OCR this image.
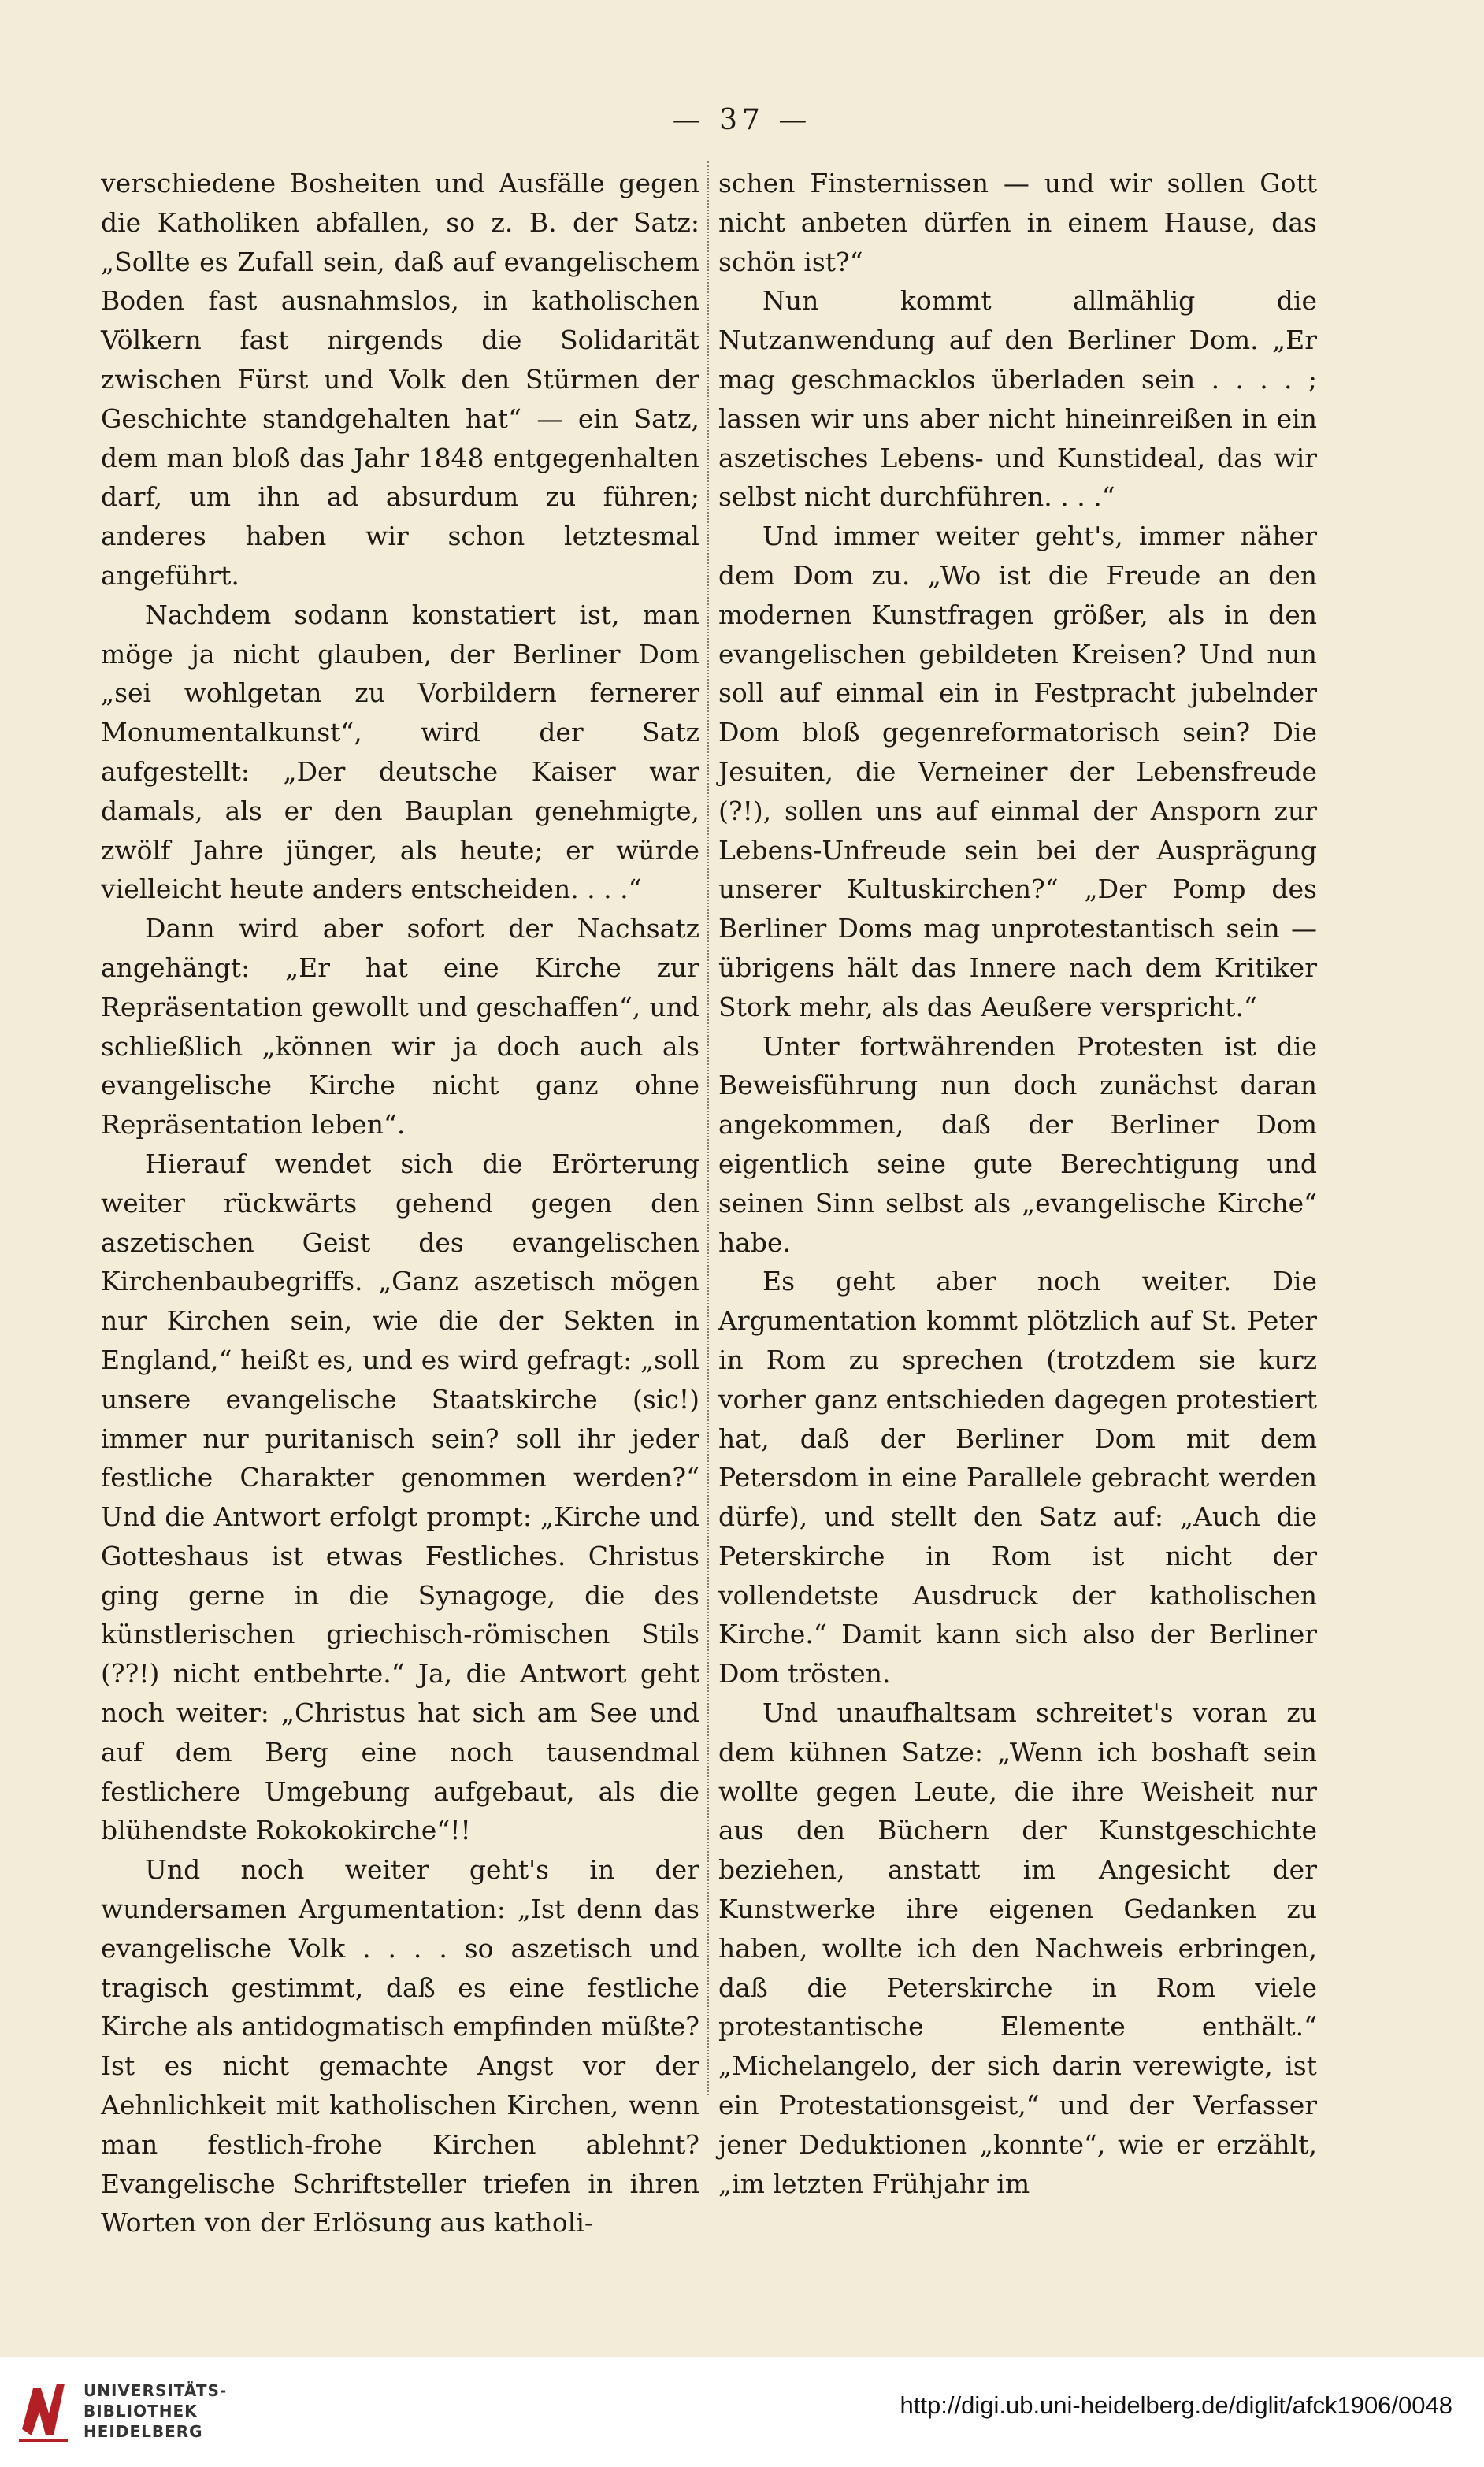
— 37 —

verschiedene Bosheiten und Ausfälle gegen die Katholiken abfallen, so z. B. der Satz: „Sollte es Zufall sein, daß auf evangelischem Boden fast ausnahmslos, in katholischen Völkern fast nirgends die Solidarität zwischen Fürst und Volk den Stürmen der Geschichte standgehalten hat“ — ein Satz, dem man bloß das Jahr 1848 entgegenhalten darf, um ihn ad absurdum zu führen; anderes haben wir schon letztesmal angeführt.

Nachdem sodann konstatiert ist, man möge ja nicht glauben, der Berliner Dom „sei wohlgetan zu Vorbildern fernerer Monumentalkunst“, wird der Satz aufgestellt: „Der deutsche Kaiser war damals, als er den Bauplan genehmigte, zwölf Jahre jünger, als heute; er würde vielleicht heute anders entscheiden. . . .“

Dann wird aber sofort der Nachsatz angehängt: „Er hat eine Kirche zur Repräsentation gewollt und geschaffen“, und schließlich „können wir ja doch auch als evangelische Kirche nicht ganz ohne Repräsentation leben“.

Hierauf wendet sich die Erörterung weiter rückwärts gehend gegen den aszetischen Geist des evangelischen Kirchenbaubegriffs. „Ganz aszetisch mögen nur Kirchen sein, wie die der Sekten in England,“ heißt es, und es wird gefragt: „soll unsere evangelische Staatskirche (sic!) immer nur puritanisch sein? soll ihr jeder festliche Charakter genommen werden?“ Und die Antwort erfolgt prompt: „Kirche und Gotteshaus ist etwas Festliches. Christus ging gerne in die Synagoge, die des künstlerischen griechisch-römischen Stils (??!) nicht entbehrte.“ Ja, die Antwort geht noch weiter: „Christus hat sich am See und auf dem Berg eine noch tausendmal festlichere Umgebung aufgebaut, als die blühendste Rokokokirche“!!

Und noch weiter geht's in der wundersamen Argumentation: „Ist denn das evangelische Volk . . . . so aszetisch und tragisch gestimmt, daß es eine festliche Kirche als antidogmatisch empfinden müßte? Ist es nicht gemachte Angst vor der Aehnlichkeit mit katholischen Kirchen, wenn man festlich-frohe Kirchen ablehnt? Evangelische Schriftsteller triefen in ihren Worten von der Erlösung aus katholi-

schen Finsternissen — und wir sollen Gott nicht anbeten dürfen in einem Hause, das schön ist?“

Nun kommt allmählig die Nutzanwendung auf den Berliner Dom. „Er mag geschmacklos überladen sein . . . . ; lassen wir uns aber nicht hineinreißen in ein aszetisches Lebens- und Kunstideal, das wir selbst nicht durchführen. . . .“

Und immer weiter geht's, immer näher dem Dom zu. „Wo ist die Freude an den modernen Kunstfragen größer, als in den evangelischen gebildeten Kreisen? Und nun soll auf einmal ein in Festpracht jubelnder Dom bloß gegenreformatorisch sein? Die Jesuiten, die Verneiner der Lebensfreude (?!), sollen uns auf einmal der Ansporn zur Lebens-Unfreude sein bei der Ausprägung unserer Kultuskirchen?“ „Der Pomp des Berliner Doms mag unprotestantisch sein — übrigens hält das Innere nach dem Kritiker Stork mehr, als das Aeußere verspricht.“

Unter fortwährenden Protesten ist die Beweisführung nun doch zunächst daran angekommen, daß der Berliner Dom eigentlich seine gute Berechtigung und seinen Sinn selbst als „evangelische Kirche“ habe.

Es geht aber noch weiter. Die Argumentation kommt plötzlich auf St. Peter in Rom zu sprechen (trotzdem sie kurz vorher ganz entschieden dagegen protestiert hat, daß der Berliner Dom mit dem Petersdom in eine Parallele gebracht werden dürfe), und stellt den Satz auf: „Auch die Peterskirche in Rom ist nicht der vollendetste Ausdruck der katholischen Kirche.“ Damit kann sich also der Berliner Dom trösten.

Und unaufhaltsam schreitet's voran zu dem kühnen Satze: „Wenn ich boshaft sein wollte gegen Leute, die ihre Weisheit nur aus den Büchern der Kunstgeschichte beziehen, anstatt im Angesicht der Kunstwerke ihre eigenen Gedanken zu haben, wollte ich den Nachweis erbringen, daß die Peterskirche in Rom viele protestantische Elemente enthält.“ „Michelangelo, der sich darin verewigte, ist ein Protestationsgeist,“ und der Verfasser jener Deduktionen „konnte“, wie er erzählt, „im letzten Frühjahr im

UNIVERSITÄTS-
BIBLIOTHEK
HEIDELBERG
http://digi.ub.uni-heidelberg.de/diglit/afck1906/0048
